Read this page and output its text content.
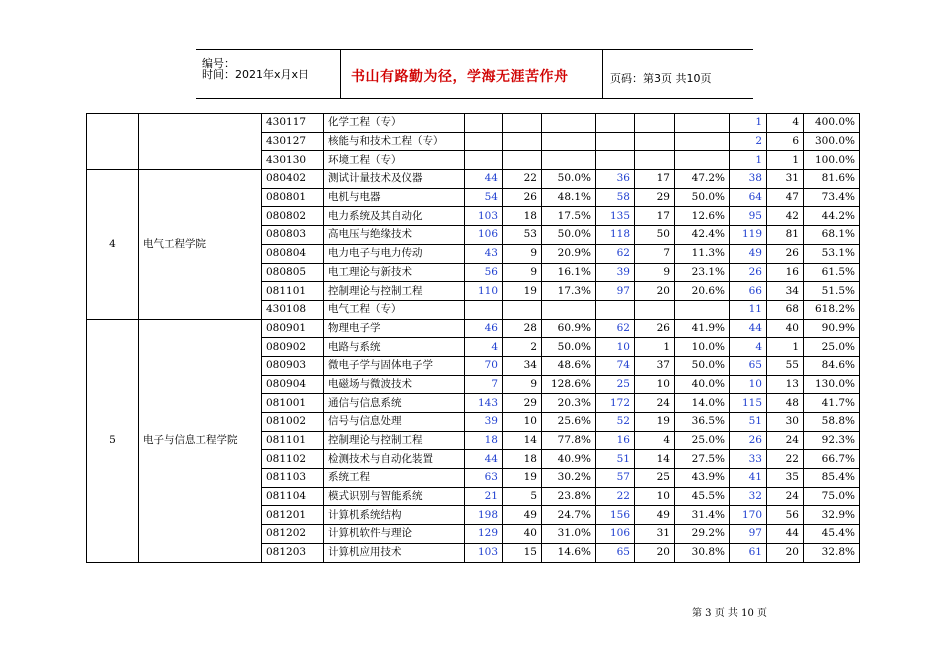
编号：
时间：2021年x月x日	书山有路勤为径，学海无涯苦作舟	页码：第3页 共10页
		430117	化学工程（专）							1	4	400.0%
		430127	核能与和技术工程（专）							2	6	300.0%
		430130	环境工程（专）							1	1	100.0%
4	电气工程学院	080402	测试计量技术及仪器	44	22	50.0%	36	17	47.2%	38	31	81.6%
		080801	电机与电器	54	26	48.1%	58	29	50.0%	64	47	73.4%
		080802	电力系统及其自动化	103	18	17.5%	135	17	12.6%	95	42	44.2%
		080803	高电压与绝缘技术	106	53	50.0%	118	50	42.4%	119	81	68.1%
		080804	电力电子与电力传动	43	9	20.9%	62	7	11.3%	49	26	53.1%
		080805	电工理论与新技术	56	9	16.1%	39	9	23.1%	26	16	61.5%
		081101	控制理论与控制工程	110	19	17.3%	97	20	20.6%	66	34	51.5%
		430108	电气工程（专）							11	68	618.2%
5	电子与信息工程学院	080901	物理电子学	46	28	60.9%	62	26	41.9%	44	40	90.9%
		080902	电路与系统	4	2	50.0%	10	1	10.0%	4	1	25.0%
		080903	微电子学与固体电子学	70	34	48.6%	74	37	50.0%	65	55	84.6%
		080904	电磁场与微波技术	7	9	128.6%	25	10	40.0%	10	13	130.0%
		081001	通信与信息系统	143	29	20.3%	172	24	14.0%	115	48	41.7%
		081002	信号与信息处理	39	10	25.6%	52	19	36.5%	51	30	58.8%
		081101	控制理论与控制工程	18	14	77.8%	16	4	25.0%	26	24	92.3%
		081102	检测技术与自动化装置	44	18	40.9%	51	14	27.5%	33	22	66.7%
		081103	系统工程	63	19	30.2%	57	25	43.9%	41	35	85.4%
		081104	模式识别与智能系统	21	5	23.8%	22	10	45.5%	32	24	75.0%
		081201	计算机系统结构	198	49	24.7%	156	49	31.4%	170	56	32.9%
		081202	计算机软件与理论	129	40	31.0%	106	31	29.2%	97	44	45.4%
		081203	计算机应用技术	103	15	14.6%	65	20	30.8%	61	20	32.8%
第 3 页 共 10 页
